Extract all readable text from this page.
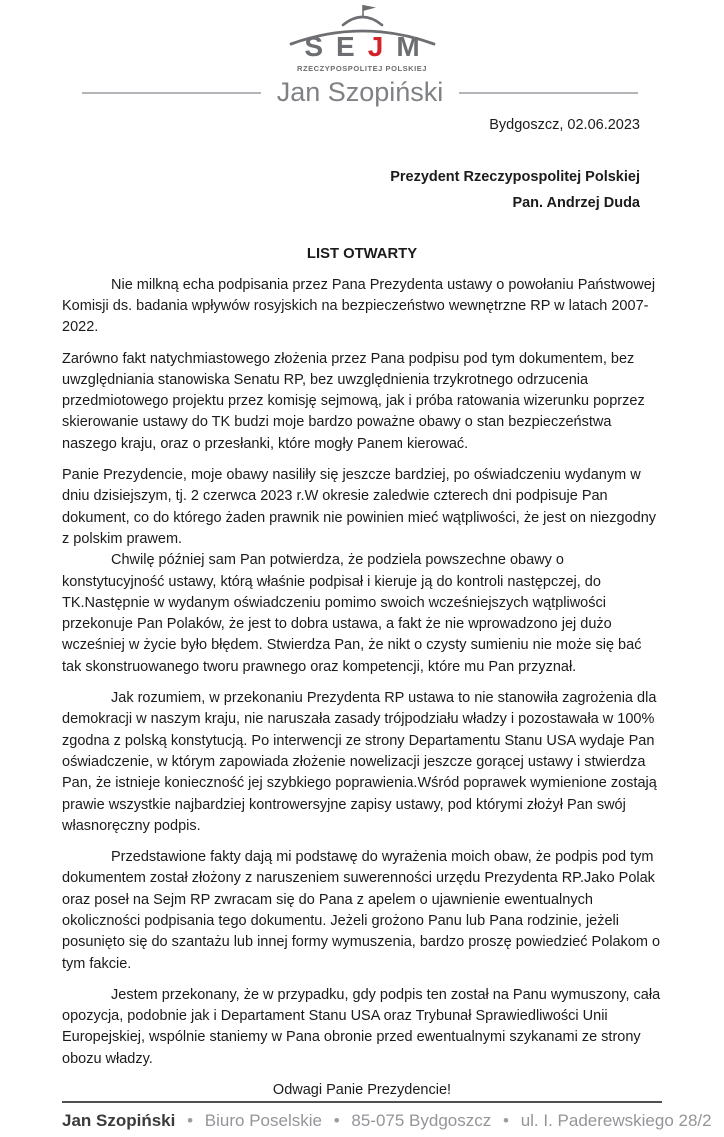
S E J M
RZECZYPOSPOLITEJ POLSKIEJ
Jan Szopiński
Bydgoszcz, 02.06.2023
Prezydent Rzeczypospolitej Polskiej
Pan. Andrzej Duda
LIST OTWARTY

Nie milkną echa podpisania przez Pana Prezydenta ustawy o powołaniu Państwowej Komisji ds. badania wpływów rosyjskich na bezpieczeństwo wewnętrzne RP w latach 2007-2022.

Zarówno fakt natychmiastowego złożenia przez Pana podpisu pod tym dokumentem, bez uwzględniania stanowiska Senatu RP, bez uwzględnienia trzykrotnego odrzucenia przedmiotowego projektu przez komisję sejmową, jak i próba ratowania wizerunku poprzez skierowanie ustawy do TK budzi moje bardzo poważne obawy o stan bezpieczeństwa naszego kraju, oraz o przesłanki, które mogły Panem kierować.

Panie Prezydencie, moje obawy nasiliły się jeszcze bardziej, po oświadczeniu wydanym w dniu dzisiejszym, tj. 2 czerwca 2023 r.W okresie zaledwie czterech dni podpisuje Pan dokument, co do którego żaden prawnik nie powinien mieć wątpliwości, że jest on niezgodny z polskim prawem.

Chwilę później sam Pan potwierdza, że podziela powszechne obawy o konstytucyjność ustawy, którą właśnie podpisał i kieruje ją do kontroli następczej, do TK.Następnie w wydanym oświadczeniu pomimo swoich wcześniejszych wątpliwości przekonuje Pan Polaków, że jest to dobra ustawa, a fakt że nie wprowadzono jej dużo wcześniej w życie było błędem. Stwierdza Pan, że nikt o czysty sumieniu nie może się bać tak skonstruowanego tworu prawnego oraz kompetencji, które mu Pan przyznał.

Jak rozumiem, w przekonaniu Prezydenta RP ustawa to nie stanowiła zagrożenia dla demokracji w naszym kraju, nie naruszała zasady trójpodziału władzy i pozostawała w 100% zgodna z polską konstytucją. Po interwencji ze strony Departamentu Stanu USA wydaje Pan oświadczenie, w którym zapowiada złożenie nowelizacji jeszcze gorącej ustawy i stwierdza Pan, że istnieje konieczność jej szybkiego poprawienia.Wśród poprawek wymienione zostają prawie wszystkie najbardziej kontrowersyjne zapisy ustawy, pod którymi złożył Pan swój własnoręczny podpis.

Przedstawione fakty dają mi podstawę do wyrażenia moich obaw, że podpis pod tym dokumentem został złożony z naruszeniem suwerenności urzędu Prezydenta RP.Jako Polak oraz poseł na Sejm RP zwracam się do Pana z apelem o ujawnienie ewentualnych okoliczności podpisania tego dokumentu. Jeżeli grożono Panu lub Pana rodzinie, jeżeli posunięto się do szantażu lub innej formy wymuszenia, bardzo proszę powiedzieć Polakom o tym fakcie.

Jestem przekonany, że w przypadku, gdy podpis ten został na Panu wymuszony, cała opozycja, podobnie jak i Departament Stanu USA oraz Trybunał Sprawiedliwości Unii Europejskiej, wspólnie staniemy w Pana obronie przed ewentualnymi szykanami ze strony obozu władzy.

Odwagi Panie Prezydencie!

Jan Szopiński • Biuro Poselskie • 85-075 Bydgoszcz • ul. I. Paderewskiego 28/2
